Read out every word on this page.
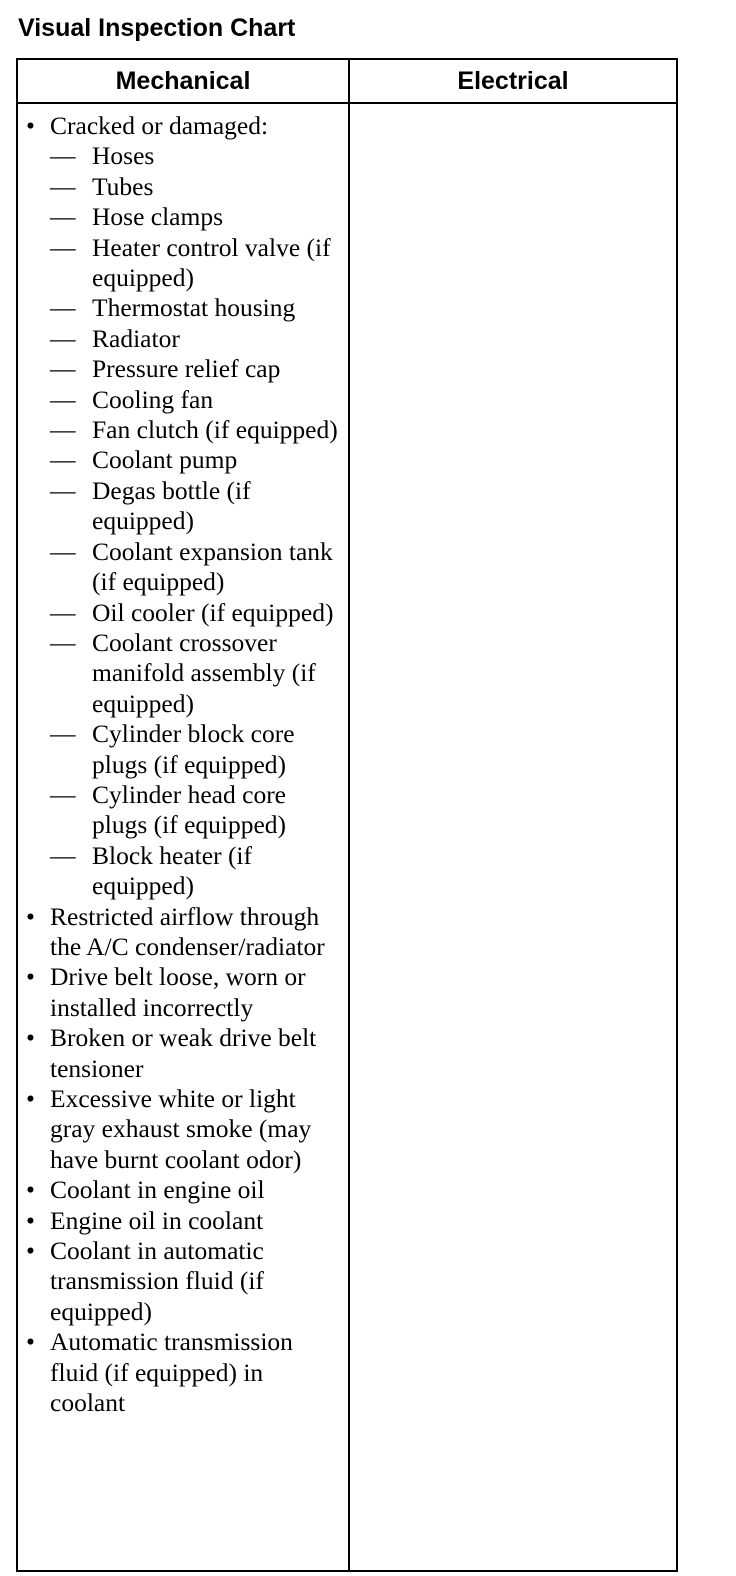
Visual Inspection Chart
Mechanical	Electrical
• Cracked or damaged:
— Hoses
— Tubes
— Hose clamps
— Heater control valve (if equipped)
— Thermostat housing
— Radiator
— Pressure relief cap
— Cooling fan
— Fan clutch (if equipped)
— Coolant pump
— Degas bottle (if equipped)
— Coolant expansion tank (if equipped)
— Oil cooler (if equipped)
— Coolant crossover manifold assembly (if equipped)
— Cylinder block core plugs (if equipped)
— Cylinder head core plugs (if equipped)
— Block heater (if equipped)
• Restricted airflow through the A/C condenser/radiator
• Drive belt loose, worn or installed incorrectly
• Broken or weak drive belt tensioner
• Excessive white or light gray exhaust smoke (may have burnt coolant odor)
• Coolant in engine oil
• Engine oil in coolant
• Coolant in automatic transmission fluid (if equipped)
• Automatic transmission fluid (if equipped) in coolant
